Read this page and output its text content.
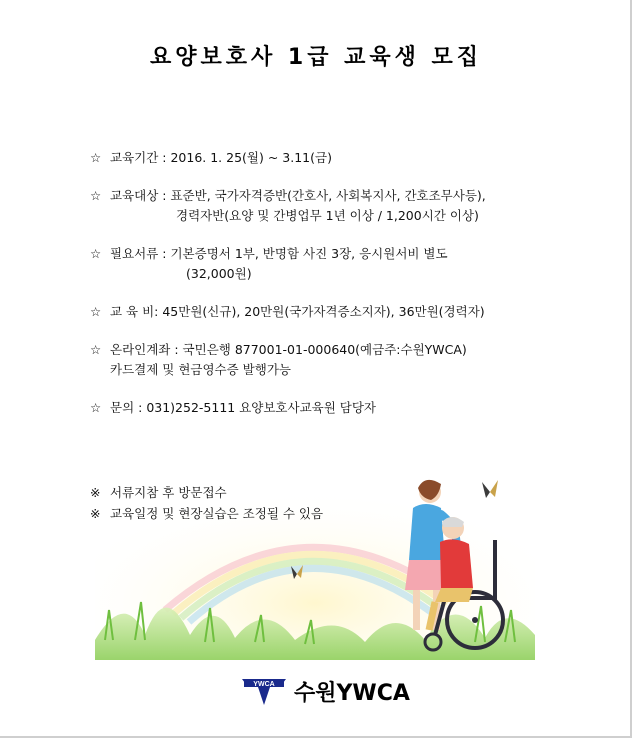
요양보호사 1급 교육생 모집
☆ 교육기간 : 2016. 1. 25(월) ~ 3.11(금)
☆ 교육대상 : 표준반, 국가자격증반(간호사, 사회복지사, 간호조무사등),
경력자반(요양 및 간병업무 1년 이상 / 1,200시간 이상)
☆ 필요서류 : 기본증명서 1부, 반명함 사진 3장, 응시원서비 별도
(32,000원)
☆ 교 육 비: 45만원(신규), 20만원(국가자격증소지자), 36만원(경력자)
☆ 온라인계좌 : 국민은행 877001-01-000640(예금주:수원YWCA)
카드결제 및 현금영수증 발행가능
☆ 문의 : 031)252-5111 요양보호사교육원 담당자
※ 서류지참 후 방문접수
※ 교육일정 및 현장실습은 조정될 수 있음
YWCA 수원YWCA
